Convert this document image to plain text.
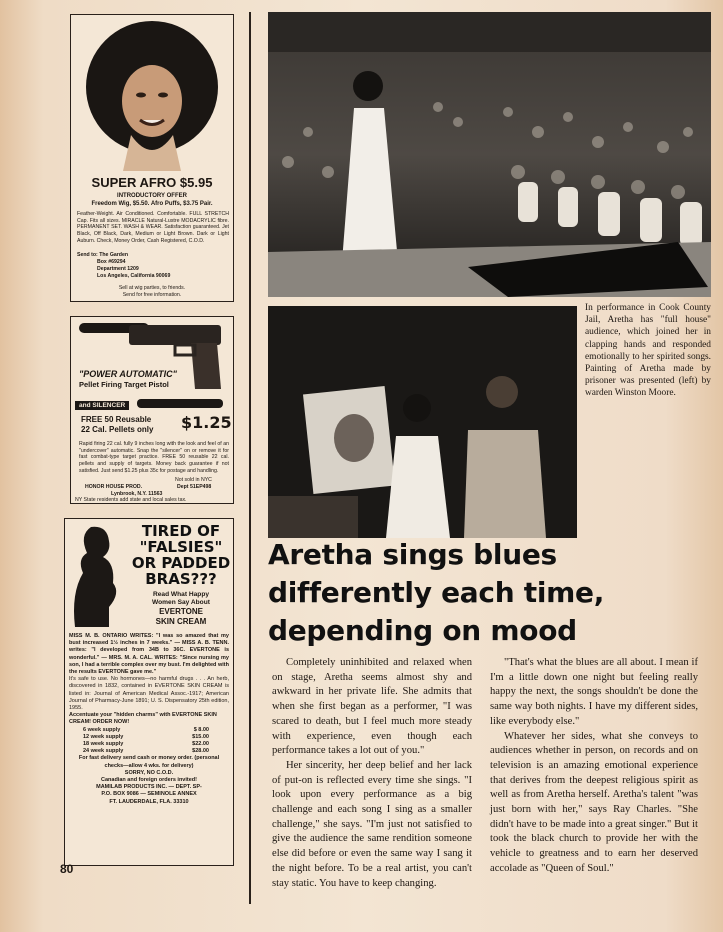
SUPER AFRO $5.95
INTRODUCTORY OFFER
Freedom Wig, $5.50. Afro Puffs, $3.75 Pair.
Feather-Weight. Air Conditioned. Comfortable. FULL STRETCH Cap. Fits all sizes. MIRACLE Natural-Lustre MODACRYLIC fibre. PERMANENT SET. WASH & WEAR. Satisfaction guaranteed. Jet Black, Off Black, Dark, Medium or Light Brown. Dark or Light Auburn. Check, Money Order, Cash Registered, C.O.D.
Send to: The Garden
Box #69294
Department 1209
Los Angeles, California 90069
Sell at wig parties, to friends.
Send for free information.
"POWER AUTOMATIC"
Pellet Firing Target Pistol
and SILENCER
FREE 50 Reusable
22 Cal. Pellets only $1.25
Rapid firing 22 cal. fully 9 inches long with the look and feel of an "undercover" automatic. Snap the "silencer" on or remove it for fast combat-type target practice. FREE 50 reusable 22 cal. pellets and supply of targets. Money back guarantee if not satisfied. Just send $1.25 plus 35c for postage and handling.
Not sold in NYC
HONOR HOUSE PROD.	Dept 51EP498
Lynbrook, N.Y. 11563
NY State residents add state and local sales tax.
TIRED OF
"FALSIES"
OR PADDED
BRAS???
Read What Happy
Women Say About
EVERTONE
SKIN CREAM
MISS M. B. ONTARIO WRITES: "I was so amazed that my bust increased 1½ inches in 7 weeks." — MISS A. B. TENN. writes: "I developed from 34B to 36C. EVERTONE is wonderful." — MRS. M. A. CAL. WRITES: "Since nursing my son, I had a terrible complex over my bust. I'm delighted with the results EVERTONE gave me."
It's safe to use. No hormones—no harmful drugs . . . An herb, discovered in 1832, contained in EVERTONE SKIN CREAM is listed in: Journal of American Medical Assoc.-1917; American Journal of Pharmacy-June 1891; U. S. Dispensatory 25th edition, 1955.
Accentuate your "hidden charms" with EVERTONE SKIN CREAM! ORDER NOW!
6 week supply	$ 8.00
12 week supply	$15.00
18 week supply	$22.00
24 week supply	$28.00
For fast delivery send cash or money order. (personal checks—allow 4 wks. for delivery)
SORRY, NO C.O.D.
Canadian and foreign orders invited!
MAMILAB PRODUCTS INC. — DEPT. SP-
P.O. BOX 9086 — SEMINOLE ANNEX
FT. LAUDERDALE, FLA. 33310
In performance in Cook County Jail, Aretha has "full house" audience, which joined her in clapping hands and responded emotionally to her spirited songs. Painting of Aretha made by prisoner was presented (left) by warden Winston Moore.
Aretha sings blues
differently each time,
depending on mood

Completely uninhibited and relaxed when on stage, Aretha seems almost shy and awkward in her private life. She admits that when she first began as a performer, "I was scared to death, but I feel much more steady with experience, even though each performance takes a lot out of you."

Her sincerity, her deep belief and her lack of put-on is reflected every time she sings. "I look upon every performance as a big challenge and each song I sing as a smaller challenge," she says. "I'm just not satisfied to give the audience the same rendition someone else did before or even the same way I sang it the night before. To be a real artist, you can't stay static. You have to keep changing.

"That's what the blues are all about. I mean if I'm a little down one night but feeling really happy the next, the songs shouldn't be done the same way both nights. I have my different sides, like everybody else."

Whatever her sides, what she conveys to audiences whether in person, on records and on television is an amazing emotional experience that derives from the deepest religious spirit as well as from Aretha herself. Aretha's talent "was just born with her," says Ray Charles. "She didn't have to be made into a great singer." But it took the black church to provide her with the vehicle to greatness and to earn her deserved accolade as "Queen of Soul."

80
